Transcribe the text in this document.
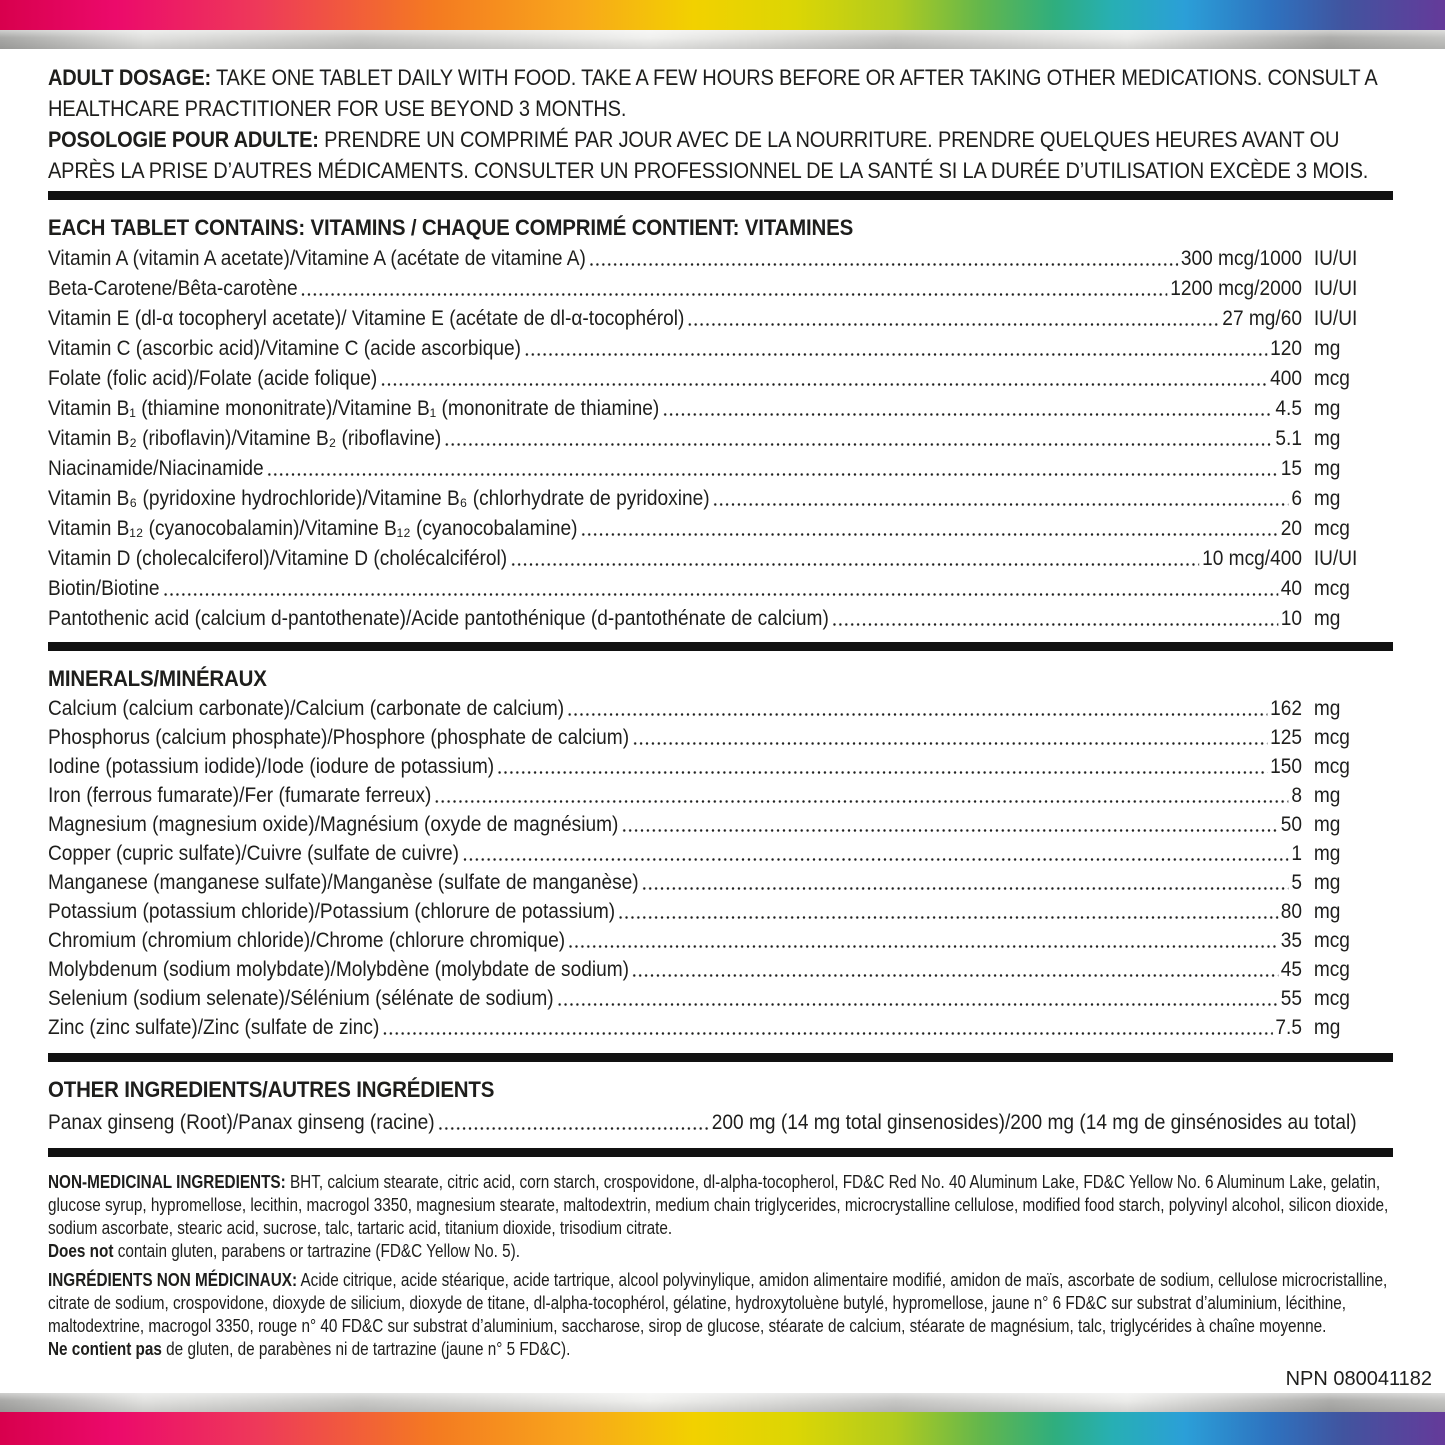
ADULT DOSAGE: TAKE ONE TABLET DAILY WITH FOOD. TAKE A FEW HOURS BEFORE OR AFTER TAKING OTHER MEDICATIONS. CONSULT A HEALTHCARE PRACTITIONER FOR USE BEYOND 3 MONTHS.

POSOLOGIE POUR ADULTE: PRENDRE UN COMPRIMÉ PAR JOUR AVEC DE LA NOURRITURE. PRENDRE QUELQUES HEURES AVANT OU APRÈS LA PRISE D’AUTRES MÉDICAMENTS. CONSULTER UN PROFESSIONNEL DE LA SANTÉ SI LA DURÉE D’UTILISATION EXCÈDE 3 MOIS.

EACH TABLET CONTAINS: VITAMINS / CHAQUE COMPRIMÉ CONTIENT: VITAMINES
Vitamin A (vitamin A acetate)/Vitamine A (acétate de vitamine A)	300 mcg/1000 IU/UI
Beta-Carotene/Bêta-carotène	1200 mcg/2000 IU/UI
Vitamin E (dl-α tocopheryl acetate)/ Vitamine E (acétate de dl-α-tocophérol)	27 mg/60 IU/UI
Vitamin C (ascorbic acid)/Vitamine C (acide ascorbique)	120 mg
Folate (folic acid)/Folate (acide folique)	400 mcg
Vitamin B₁ (thiamine mononitrate)/Vitamine B₁ (mononitrate de thiamine)	4.5 mg
Vitamin B₂ (riboflavin)/Vitamine B₂ (riboflavine)	5.1 mg
Niacinamide/Niacinamide	15 mg
Vitamin B₆ (pyridoxine hydrochloride)/Vitamine B₆ (chlorhydrate de pyridoxine)	6 mg
Vitamin B₁₂ (cyanocobalamin)/Vitamine B₁₂ (cyanocobalamine)	20 mcg
Vitamin D (cholecalciferol)/Vitamine D (cholécalciférol)	10 mcg/400 IU/UI
Biotin/Biotine	40 mcg
Pantothenic acid (calcium d-pantothenate)/Acide pantothénique (d-pantothénate de calcium)	10 mg
MINERALS/MINÉRAUX
Calcium (calcium carbonate)/Calcium (carbonate de calcium)	162 mg
Phosphorus (calcium phosphate)/Phosphore (phosphate de calcium)	125 mcg
Iodine (potassium iodide)/Iode (iodure de potassium)	150 mcg
Iron (ferrous fumarate)/Fer (fumarate ferreux)	8 mg
Magnesium (magnesium oxide)/Magnésium (oxyde de magnésium)	50 mg
Copper (cupric sulfate)/Cuivre (sulfate de cuivre)	1 mg
Manganese (manganese sulfate)/Manganèse (sulfate de manganèse)	5 mg
Potassium (potassium chloride)/Potassium (chlorure de potassium)	80 mg
Chromium (chromium chloride)/Chrome (chlorure chromique)	35 mcg
Molybdenum (sodium molybdate)/Molybdène (molybdate de sodium)	45 mcg
Selenium (sodium selenate)/Sélénium (sélénate de sodium)	55 mcg
Zinc (zinc sulfate)/Zinc (sulfate de zinc)	7.5 mg
OTHER INGREDIENTS/AUTRES INGRÉDIENTS
Panax ginseng (Root)/Panax ginseng (racine)	200 mg (14 mg total ginsenosides)/200 mg (14 mg de ginsénosides au total)

NON-MEDICINAL INGREDIENTS: BHT, calcium stearate, citric acid, corn starch, crospovidone, dl-alpha-tocopherol, FD&C Red No. 40 Aluminum Lake, FD&C Yellow No. 6 Aluminum Lake, gelatin, glucose syrup, hypromellose, lecithin, macrogol 3350, magnesium stearate, maltodextrin, medium chain triglycerides, microcrystalline cellulose, modified food starch, polyvinyl alcohol, silicon dioxide, sodium ascorbate, stearic acid, sucrose, talc, tartaric acid, titanium dioxide, trisodium citrate.

Does not contain gluten, parabens or tartrazine (FD&C Yellow No. 5).

INGRÉDIENTS NON MÉDICINAUX: Acide citrique, acide stéarique, acide tartrique, alcool polyvinylique, amidon alimentaire modifié, amidon de maïs, ascorbate de sodium, cellulose microcristalline, citrate de sodium, crospovidone, dioxyde de silicium, dioxyde de titane, dl-alpha-tocophérol, gélatine, hydroxytoluène butylé, hypromellose, jaune n° 6 FD&C sur substrat d’aluminium, lécithine, maltodextrine, macrogol 3350, rouge n° 40 FD&C sur substrat d’aluminium, saccharose, sirop de glucose, stéarate de calcium, stéarate de magnésium, talc, triglycérides à chaîne moyenne.

Ne contient pas de gluten, de parabènes ni de tartrazine (jaune n° 5 FD&C).

NPN 080041182
